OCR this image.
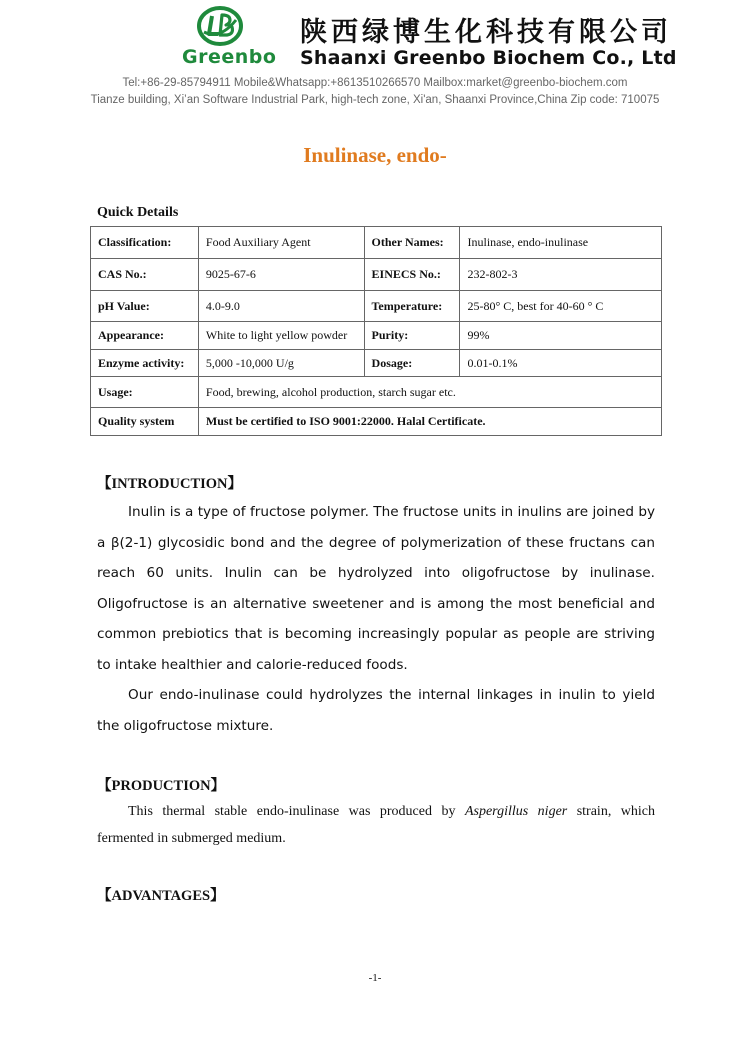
Greenbo
陕西绿博生化科技有限公司
Shaanxi Greenbo Biochem Co., Ltd
Tel:+86-29-85794911 Mobile&Whatsapp:+8613510266570 Mailbox:market@greenbo-biochem.com
Tianze building, Xi’an Software Industrial Park, high-tech zone, Xi'an, Shaanxi Province,China Zip code: 710075
Inulinase, endo-
Quick Details
Classification:	Food Auxiliary Agent	Other Names:	Inulinase, endo-inulinase
CAS No.:	9025-67-6	EINECS No.:	232-802-3
pH Value:	4.0-9.0	Temperature:	25-80° C, best for 40-60 ° C
Appearance:	White to light yellow powder	Purity:	99%
Enzyme activity:	5,000 -10,000 U/g	Dosage:	0.01-0.1%
Usage:	Food, brewing, alcohol production, starch sugar etc.		
Quality system	Must be certified to ISO 9001:22000. Halal Certificate.		
【INTRODUCTION】
Inulin is a type of fructose polymer. The fructose units in inulins are joined by a β(2-1) glycosidic bond and the degree of polymerization of these fructans can reach 60 units. Inulin can be hydrolyzed into oligofructose by inulinase. Oligofructose is an alternative sweetener and is among the most beneficial and common prebiotics that is becoming increasingly popular as people are striving to intake healthier and calorie-reduced foods.
Our endo-inulinase could hydrolyzes the internal linkages in inulin to yield the oligofructose mixture.
【PRODUCTION】
This thermal stable endo-inulinase was produced by Aspergillus niger strain, which fermented in submerged medium.
【ADVANTAGES】
-1-
